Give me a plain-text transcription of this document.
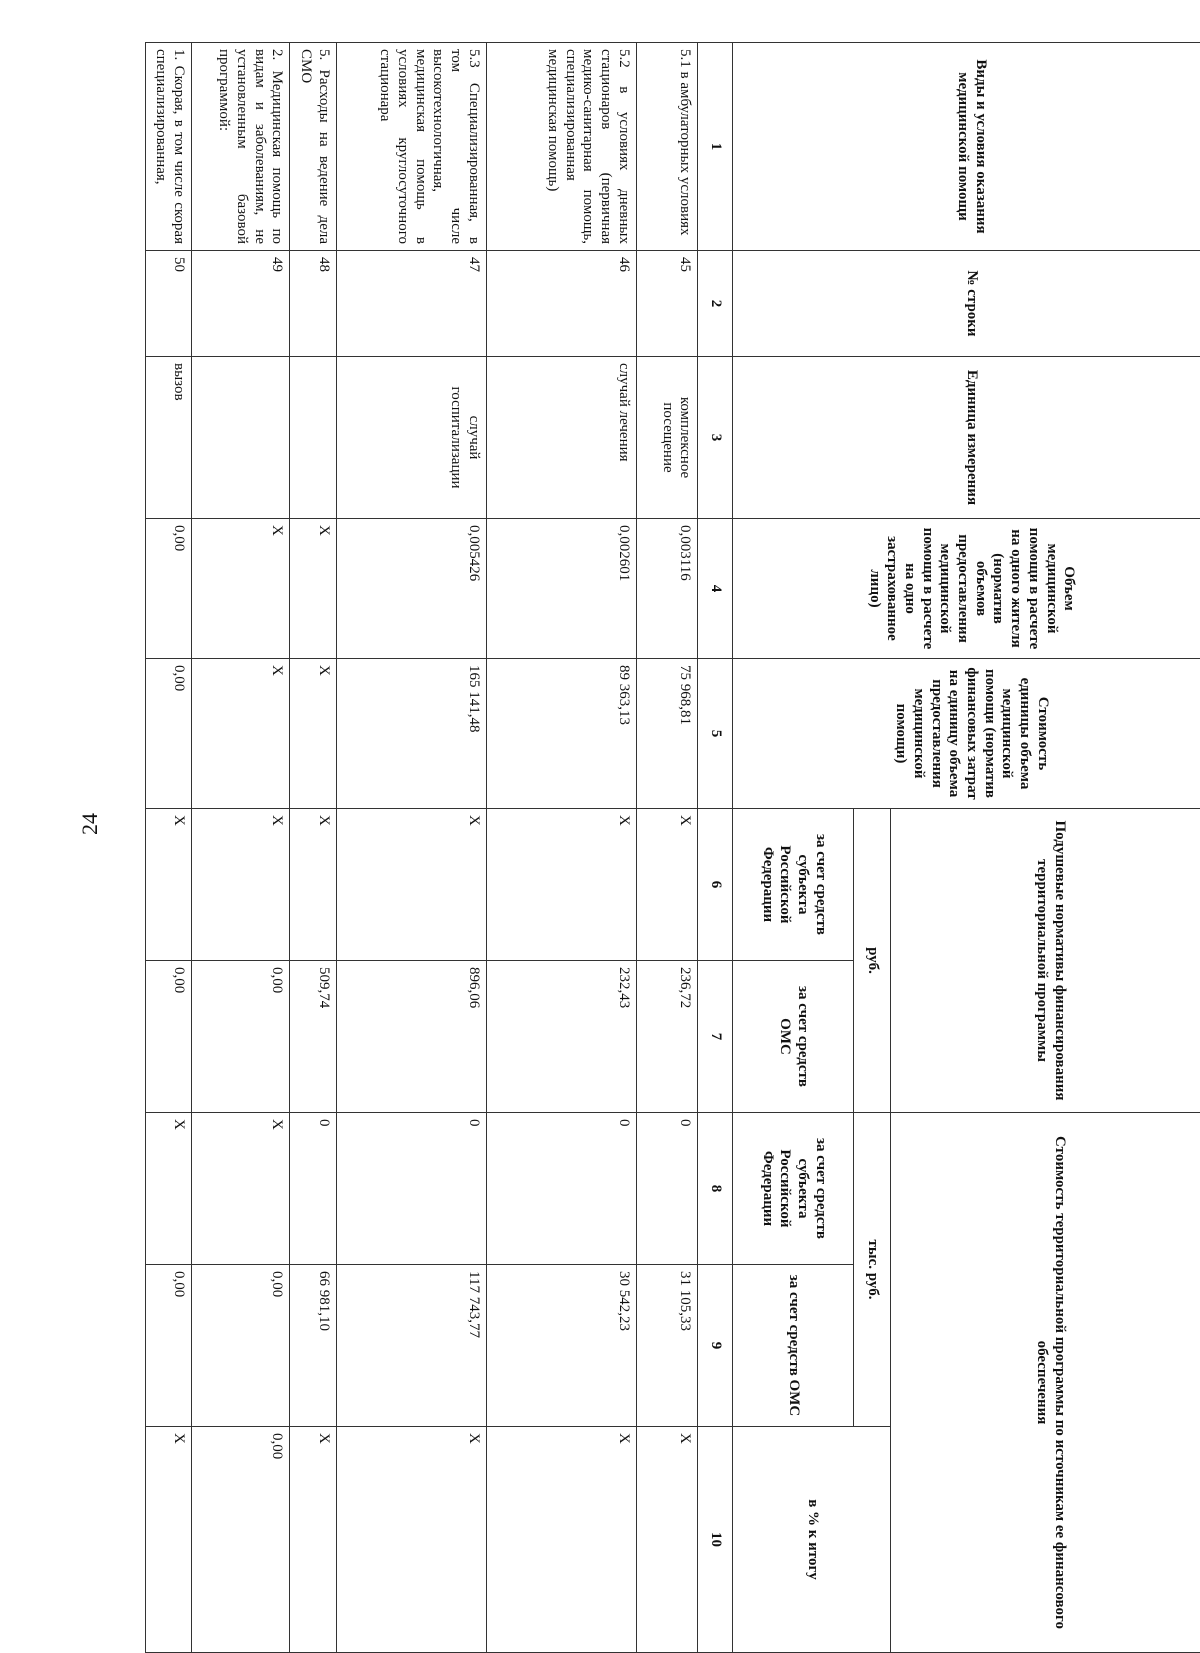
24
Виды и условия оказания медицинской помощи	№ строки	Единица измерения	Объем медицинской помощи в расчете на одного жителя (норматив объемов предоставления медицинской помощи в расчете на одно застрахованное лицо)	Стоимость единицы объема медицинской помощи (норматив финансовых затрат на единицу объема предоставления медицинской помощи)	Подушевые нормативы финансирования территориальной программы		Стоимость территориальной программы по источникам ее финансового обеспечения		
					руб.		тыс. руб.		в % к итогу
					за счет средств субъекта Российской Федерации	за счет средств ОМС	за счет средств субъекта Российской Федерации	за счет средств ОМС	
1	2	3	4	5	6	7	8	9	10
5.1 в амбулаторных условиях	45	комплексное посещение	0,003116	75 968,81	X	236,72	0	31 105,33	X
5.2 в условиях дневных стационаров (первичная медико-санитарная помощь, специализированная медицинская помощь)	46	случай лечения	0,002601	89 363,13	X	232,43	0	30 542,23	X
5.3 Специализированная, в том числе высокотехнологичная, медицинская помощь в условиях круглосуточного стационара	47	случай госпитализации	0,005426	165 141,48	X	896,06	0	117 743,77	X
5. Расходы на ведение дела СМО	48		X	X	X	509,74	0	66 981,10	X
2. Медицинская помощь по видам и заболеваниям, не установленным базовой программой:	49		X	X	X	0,00	X	0,00	0,00
1. Скорая, в том числе скорая специализированная,	50	вызов	0,00	0,00	X	0,00	X	0,00	X
